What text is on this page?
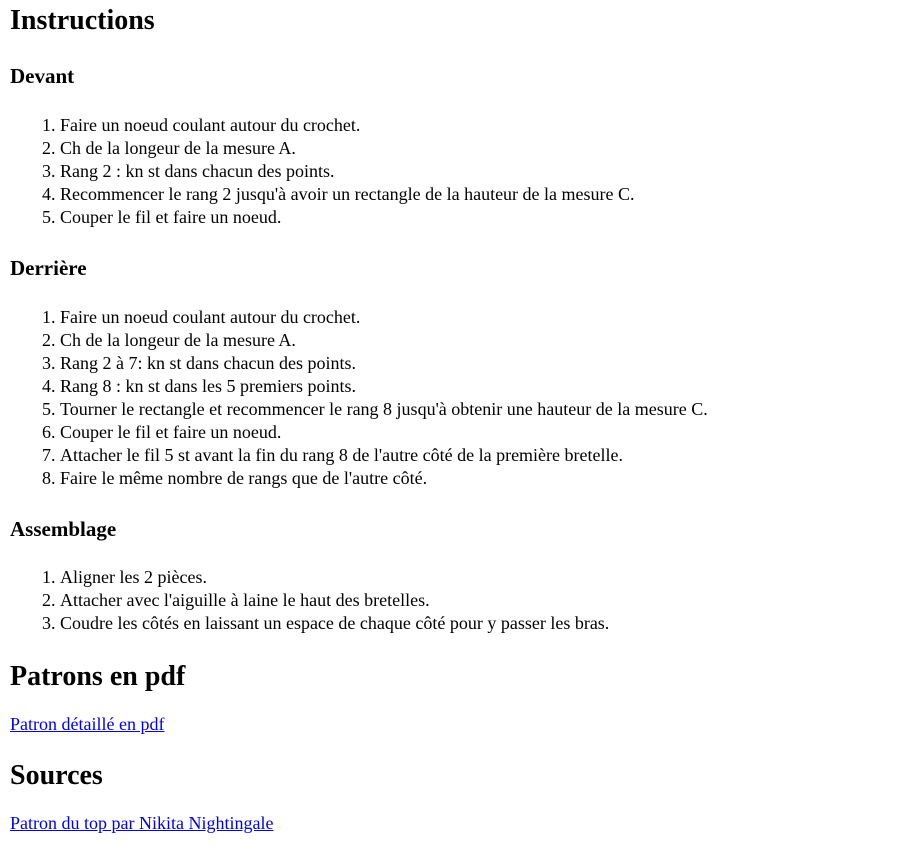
Instructions
Devant
1. Faire un noeud coulant autour du crochet.
2. Ch de la longeur de la mesure A.
3. Rang 2 : kn st dans chacun des points.
4. Recommencer le rang 2 jusqu'à avoir un rectangle de la hauteur de la mesure C.
5. Couper le fil et faire un noeud.
Derrière
1. Faire un noeud coulant autour du crochet.
2. Ch de la longeur de la mesure A.
3. Rang 2 à 7: kn st dans chacun des points.
4. Rang 8 : kn st dans les 5 premiers points.
5. Tourner le rectangle et recommencer le rang 8 jusqu'à obtenir une hauteur de la mesure C.
6. Couper le fil et faire un noeud.
7. Attacher le fil 5 st avant la fin du rang 8 de l'autre côté de la première bretelle.
8. Faire le même nombre de rangs que de l'autre côté.
Assemblage
1. Aligner les 2 pièces.
2. Attacher avec l'aiguille à laine le haut des bretelles.
3. Coudre les côtés en laissant un espace de chaque côté pour y passer les bras.
Patrons en pdf

Patron détaillé en pdf

Sources

Patron du top par Nikita Nightingale
